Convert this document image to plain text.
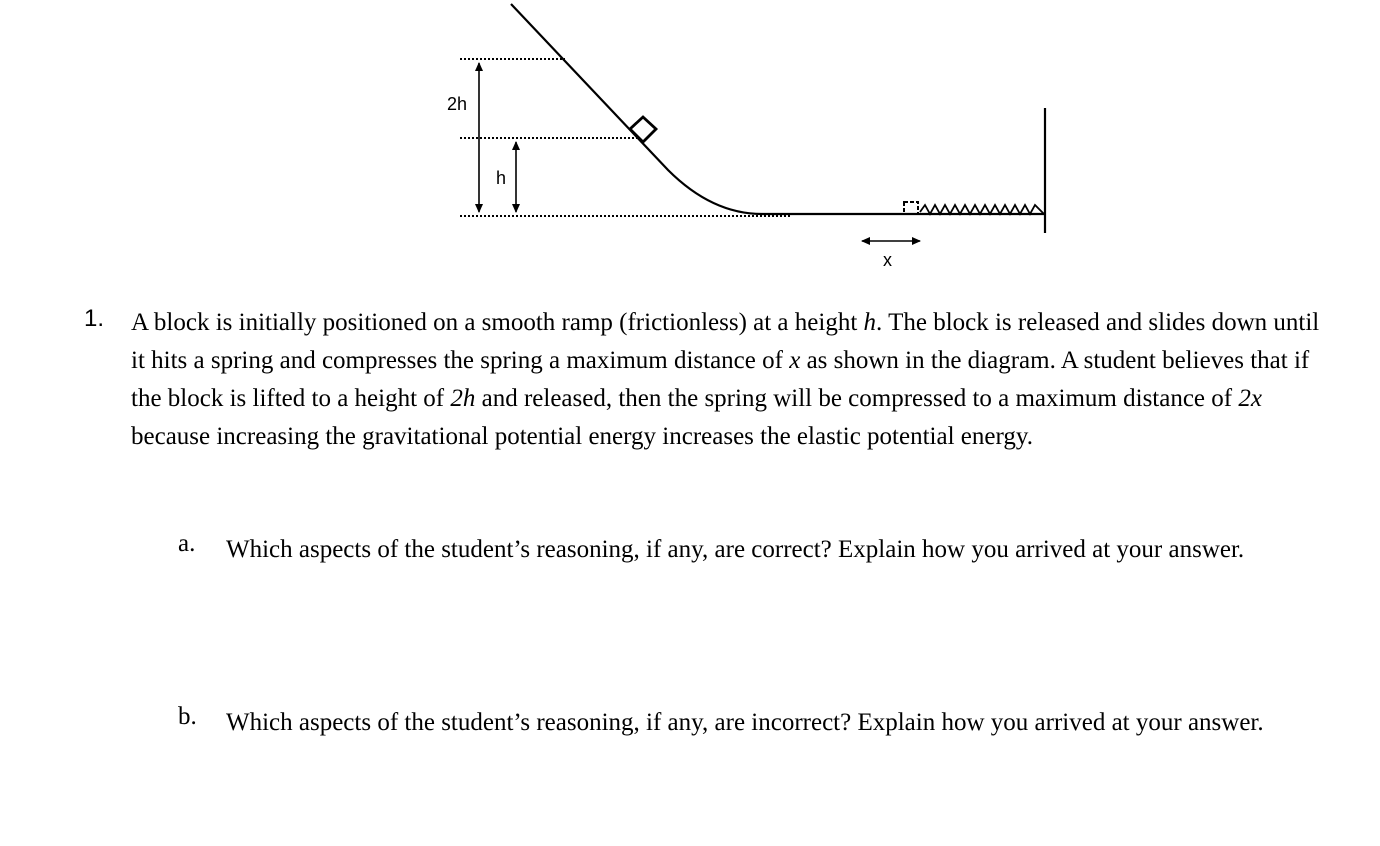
2h
h
x
1. A block is initially positioned on a smooth ramp (frictionless) at a height h. The block is released and slides down until it hits a spring and compresses the spring a maximum distance of x as shown in the diagram. A student believes that if the block is lifted to a height of 2h and released, then the spring will be compressed to a maximum distance of 2x because increasing the gravitational potential energy increases the elastic potential energy.
a. Which aspects of the student’s reasoning, if any, are correct? Explain how you arrived at your answer.
b. Which aspects of the student’s reasoning, if any, are incorrect? Explain how you arrived at your answer.
